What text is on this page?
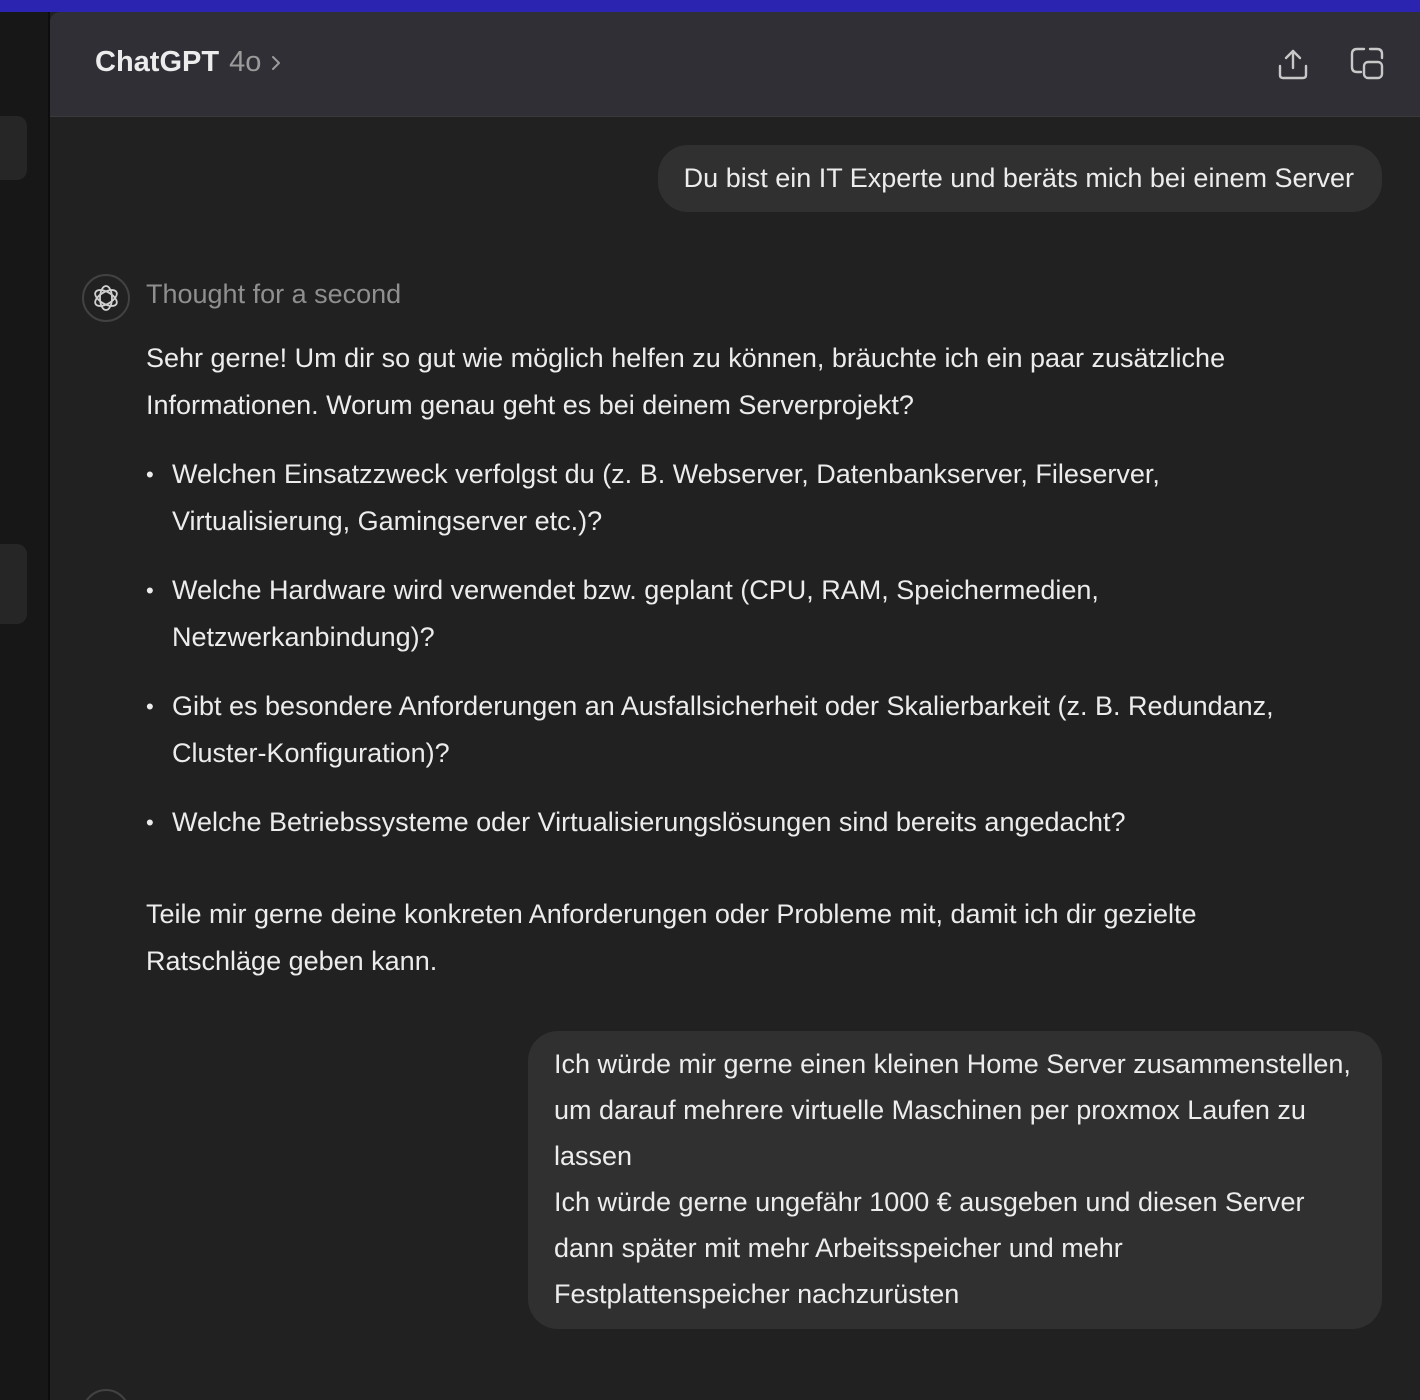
ChatGPT 4o
Du bist ein IT Experte und beräts mich bei einem Server
Thought for a second

Sehr gerne! Um dir so gut wie möglich helfen zu können, bräuchte ich ein paar zusätzliche Informationen. Worum genau geht es bei deinem Serverprojekt?

• Welchen Einsatzzweck verfolgst du (z. B. Webserver, Datenbankserver, Fileserver, Virtualisierung, Gamingserver etc.)?
• Welche Hardware wird verwendet bzw. geplant (CPU, RAM, Speichermedien, Netzwerkanbindung)?
• Gibt es besondere Anforderungen an Ausfallsicherheit oder Skalierbarkeit (z. B. Redundanz, Cluster-Konfiguration)?
• Welche Betriebssysteme oder Virtualisierungslösungen sind bereits angedacht?

Teile mir gerne deine konkreten Anforderungen oder Probleme mit, damit ich dir gezielte Ratschläge geben kann.

Ich würde mir gerne einen kleinen Home Server zusammenstellen, um darauf mehrere virtuelle Maschinen per proxmox Laufen zu lassen

Ich würde gerne ungefähr 1000 € ausgeben und diesen Server dann später mit mehr Arbeitsspeicher und mehr Festplattenspeicher nachzurüsten
